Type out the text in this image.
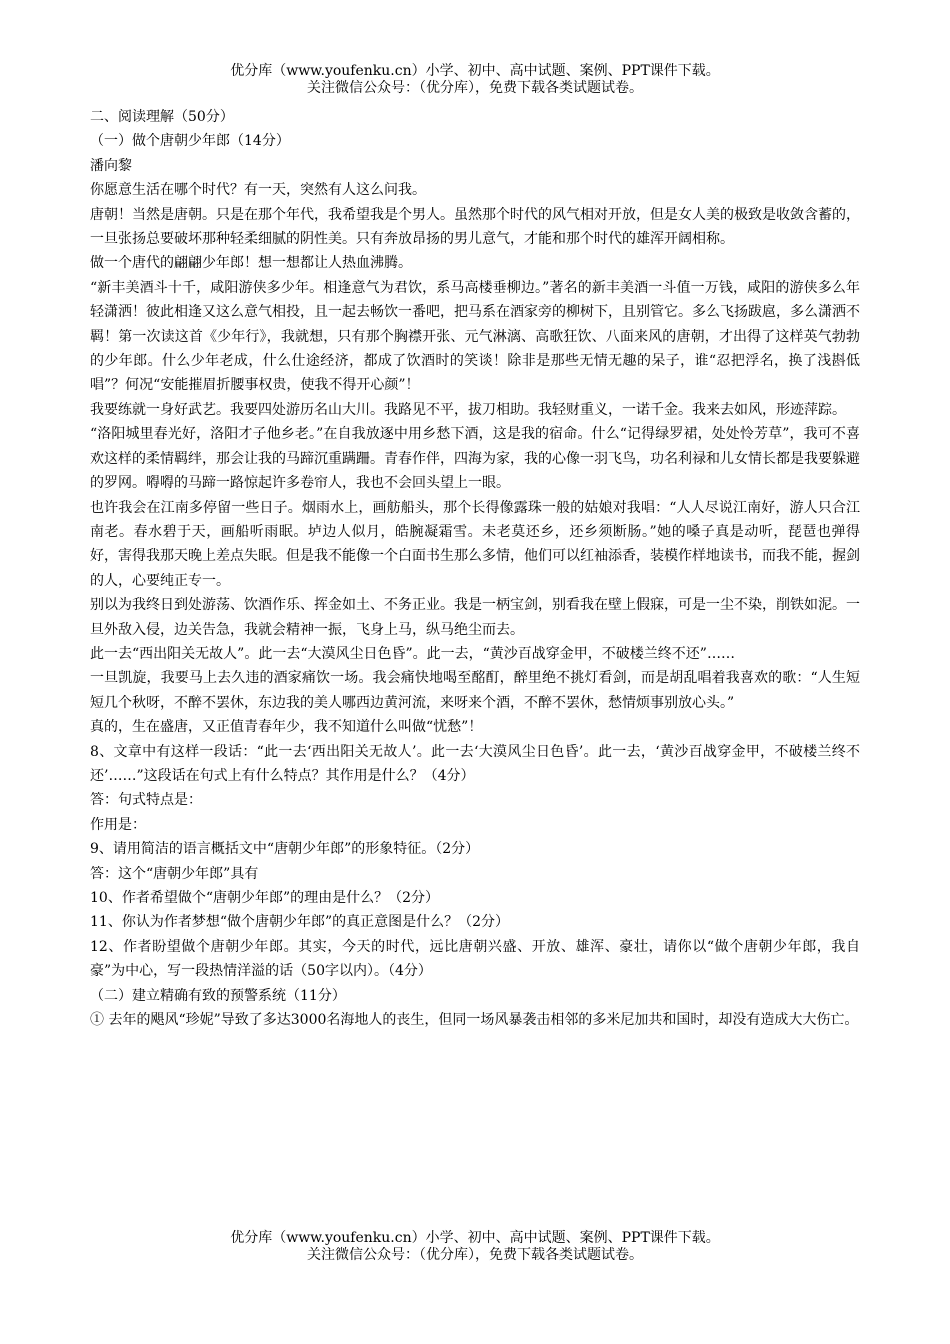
优分库（www.youfenku.cn）小学、初中、高中试题、案例、PPT课件下载。
关注微信公众号：（优分库），免费下载各类试题试卷。

二、阅读理解（50分）

（一）做个唐朝少年郎（14分）

潘向黎

你愿意生活在哪个时代？有一天，突然有人这么问我。

唐朝！当然是唐朝。只是在那个年代，我希望我是个男人。虽然那个时代的风气相对开放，但是女人美的极致是收敛含蓄的，一旦张扬总要破坏那种轻柔细腻的阴性美。只有奔放昂扬的男儿意气，才能和那个时代的雄浑开阔相称。

做一个唐代的翩翩少年郎！想一想都让人热血沸腾。

“新丰美酒斗十千，咸阳游侠多少年。相逢意气为君饮，系马高楼垂柳边。”著名的新丰美酒一斗值一万钱，咸阳的游侠多么年轻潇洒！彼此相逢又这么意气相投，且一起去畅饮一番吧，把马系在酒家旁的柳树下，且别管它。多么飞扬跋扈，多么潇洒不羁！第一次读这首《少年行》，我就想，只有那个胸襟开张、元气淋漓、高歌狂饮、八面来风的唐朝，才出得了这样英气勃勃的少年郎。什么少年老成，什么仕途经济，都成了饮酒时的笑谈！除非是那些无情无趣的呆子，谁“忍把浮名，换了浅斟低唱”？何况“安能摧眉折腰事权贵，使我不得开心颜”！

我要练就一身好武艺。我要四处游历名山大川。我路见不平，拔刀相助。我轻财重义，一诺千金。我来去如风，形迹萍踪。

“洛阳城里春光好，洛阳才子他乡老。”在自我放逐中用乡愁下酒，这是我的宿命。什么“记得绿罗裙，处处怜芳草”，我可不喜欢这样的柔情羁绊，那会让我的马蹄沉重蹒跚。青春作伴，四海为家，我的心像一羽飞鸟，功名利禄和儿女情长都是我要躲避的罗网。嘚嘚的马蹄一路惊起许多卷帘人，我也不会回头望上一眼。

也许我会在江南多停留一些日子。烟雨水上，画舫船头，那个长得像露珠一般的姑娘对我唱：“人人尽说江南好，游人只合江南老。春水碧于天，画船听雨眠。垆边人似月，皓腕凝霜雪。未老莫还乡，还乡须断肠。”她的嗓子真是动听，琵琶也弹得好，害得我那天晚上差点失眠。但是我不能像一个白面书生那么多情，他们可以红袖添香，装模作样地读书，而我不能，握剑的人，心要纯正专一。

别以为我终日到处游荡、饮酒作乐、挥金如土、不务正业。我是一柄宝剑，别看我在壁上假寐，可是一尘不染，削铁如泥。一旦外敌入侵，边关告急，我就会精神一振，飞身上马，纵马绝尘而去。

此一去“西出阳关无故人”。此一去“大漠风尘日色昏”。此一去，“黄沙百战穿金甲，不破楼兰终不还”……

一旦凯旋，我要马上去久违的酒家痛饮一场。我会痛快地喝至酩酊，醉里绝不挑灯看剑，而是胡乱唱着我喜欢的歌：“人生短短几个秋呀，不醉不罢休，东边我的美人哪西边黄河流，来呀来个酒，不醉不罢休，愁情烦事别放心头。”

真的，生在盛唐，又正值青春年少，我不知道什么叫做“忧愁”！

8、文章中有这样一段话：“此一去‘西出阳关无故人’。此一去‘大漠风尘日色昏’。此一去，‘黄沙百战穿金甲，不破楼兰终不还’……”这段话在句式上有什么特点？其作用是什么？（4分）

答：句式特点是：

作用是：

9、请用简洁的语言概括文中“唐朝少年郎”的形象特征。（2分）

答：这个“唐朝少年郎”具有

10、作者希望做个“唐朝少年郎”的理由是什么？（2分）

11、你认为作者梦想“做个唐朝少年郎”的真正意图是什么？（2分）

12、作者盼望做个唐朝少年郎。其实，今天的时代，远比唐朝兴盛、开放、雄浑、豪壮，请你以“做个唐朝少年郎，我自豪”为中心，写一段热情洋溢的话（50字以内）。（4分）

（二）建立精确有致的预警系统（11分）

① 去年的飓风“珍妮”导致了多达3000名海地人的丧生，但同一场风暴袭击相邻的多米尼加共和国时，却没有造成大大伤亡。

优分库（www.youfenku.cn）小学、初中、高中试题、案例、PPT课件下载。
关注微信公众号：（优分库），免费下载各类试题试卷。
